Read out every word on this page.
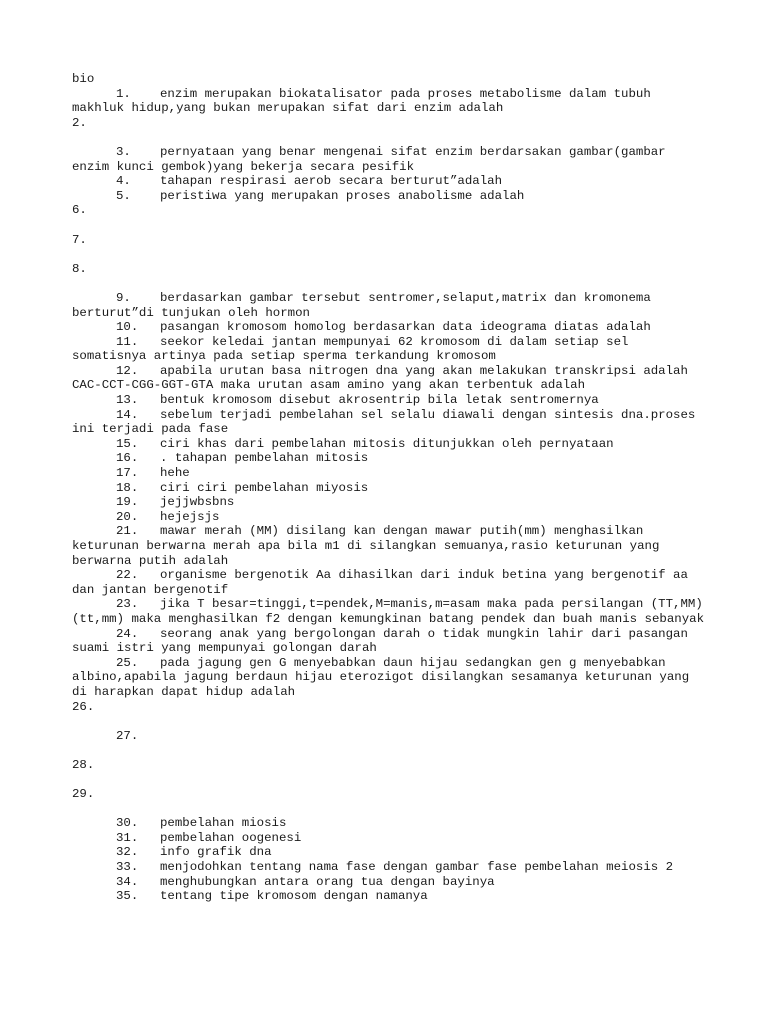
bio

1.	enzim merupakan biokatalisator pada proses metabolisme dalam tubuh makhluk hidup,yang bukan merupakan sifat dari enzim adalah

2.

3.	pernyataan yang benar mengenai sifat enzim berdarsakan gambar(gambar enzim kunci gembok)yang bekerja secara pesifik

4.	tahapan respirasi aerob secara berturut”adalah

5.	peristiwa yang merupakan proses anabolisme adalah

6.

7.

8.

9.	berdasarkan gambar tersebut sentromer,selaput,matrix dan kromonema berturut”di tunjukan oleh hormon

10.	pasangan kromosom homolog berdasarkan data ideograma diatas adalah

11.	seekor keledai jantan mempunyai 62 kromosom di dalam setiap sel somatisnya artinya pada setiap sperma terkandung kromosom

12.	apabila urutan basa nitrogen dna yang akan melakukan transkripsi adalah CAC-CCT-CGG-GGT-GTA maka urutan asam amino yang akan terbentuk adalah

13.	bentuk kromosom disebut akrosentrip bila letak sentromernya

14.	sebelum terjadi pembelahan sel selalu diawali dengan sintesis dna.proses ini terjadi pada fase

15.	ciri khas dari pembelahan mitosis ditunjukkan oleh pernyataan

16.	. tahapan pembelahan mitosis

17.	hehe

18.	ciri ciri pembelahan miyosis

19.	jejjwbsbns

20.	hejejsjs

21.	mawar merah (MM) disilang kan dengan mawar putih(mm) menghasilkan keturunan berwarna merah apa bila m1 di silangkan semuanya,rasio keturunan yang berwarna putih adalah

22.	organisme bergenotik Aa dihasilkan dari induk betina yang bergenotif aa dan jantan bergenotif

23.	jika T besar=tinggi,t=pendek,M=manis,m=asam maka pada persilangan (TT,MM) (tt,mm) maka menghasilkan f2 dengan kemungkinan batang pendek dan buah manis sebanyak

24.	seorang anak yang bergolongan darah o tidak mungkin lahir dari pasangan suami istri yang mempunyai golongan darah

25.	pada jagung gen G menyebabkan daun hijau sedangkan gen g menyebabkan albino,apabila jagung berdaun hijau eterozigot disilangkan sesamanya keturunan yang di harapkan dapat hidup adalah

26.

27.

28.

29.

30.	pembelahan miosis

31.	pembelahan oogenesi

32.	info grafik dna

33.	menjodohkan tentang nama fase dengan gambar fase pembelahan meiosis 2

34.	menghubungkan antara orang tua dengan bayinya

35.	tentang tipe kromosom dengan namanya
